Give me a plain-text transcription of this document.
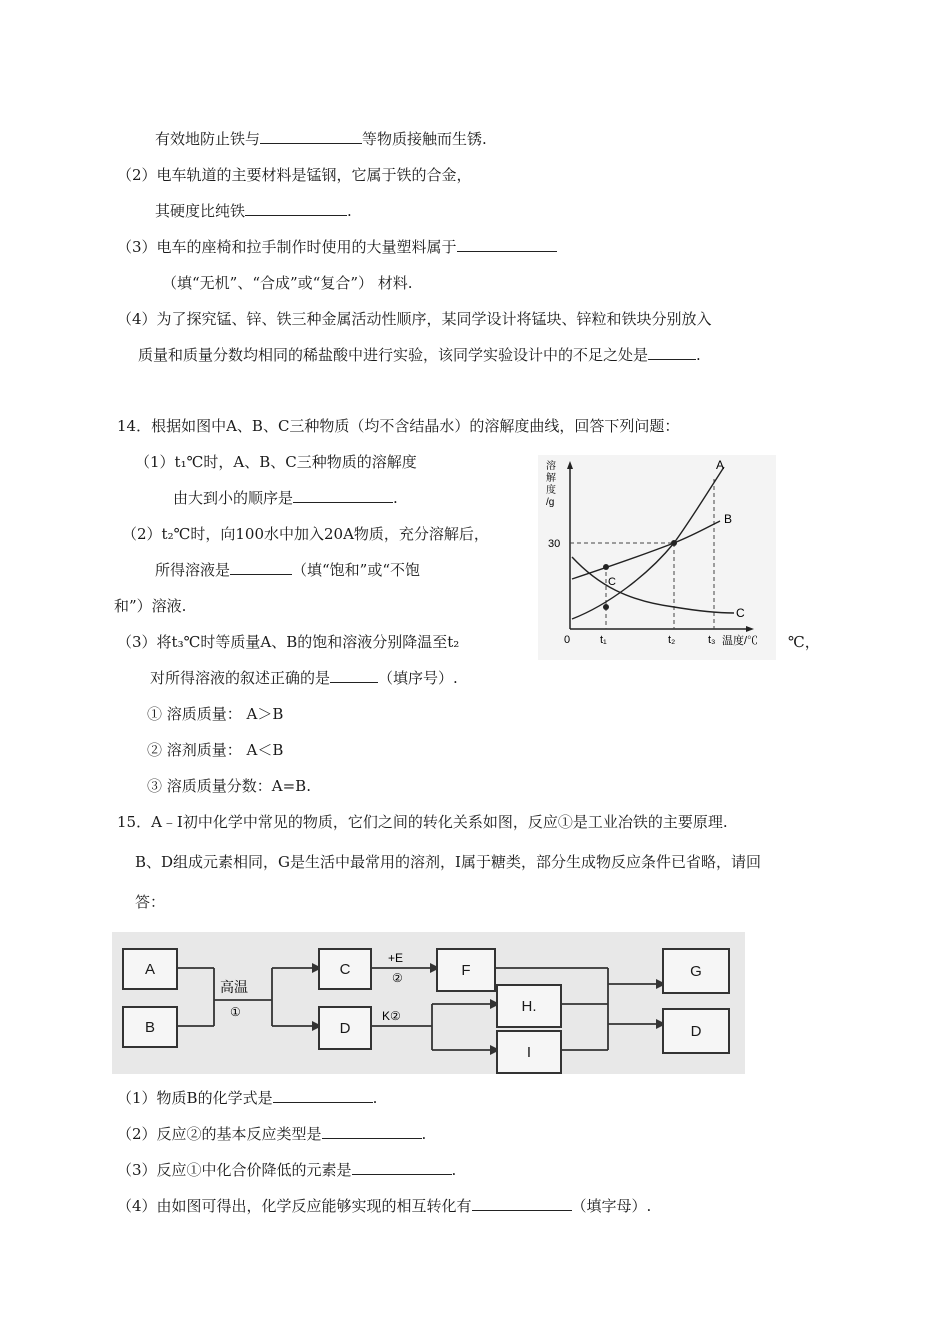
有效地防止铁与	等物质接触而生锈.
（2）电车轨道的主要材料是锰钢，它属于铁的合金，
其硬度比纯铁	.
（3）电车的座椅和拉手制作时使用的大量塑料属于
（填“无机”、“合成”或“复合”） 材料.
（4）为了探究锰、锌、铁三种金属活动性顺序，某同学设计将锰块、锌粒和铁块分别放入
质量和质量分数均相同的稀盐酸中进行实验，该同学实验设计中的不足之处是	.
14．根据如图中A、B、C三种物质（均不含结晶水）的溶解度曲线，回答下列问题：
（1）t₁℃时，A、B、C三种物质的溶解度
由大到小的顺序是	.
（2）t₂℃时，向100水中加入20A物质，充分溶解后，
所得溶液是	（填“饱和”或“不饱
和”）溶液.
（3）将t₃℃时等质量A、B的饱和溶液分别降温至t₂	℃，
对所得溶液的叙述正确的是	（填序号）.
① 溶质质量： A＞B
② 溶剂质量： A＜B
③ 溶质质量分数：A=B.
15．A﹣I初中化学中常见的物质，它们之间的转化关系如图，反应①是工业冶铁的主要原理.
B、D组成元素相同，G是生活中最常用的溶剂，I属于糖类，部分生成物反应条件已省略，请回
答：
（1）物质B的化学式是	.
（2）反应②的基本反应类型是	.
（3）反应①中化合价降低的元素是	.
（4）由如图可得出，化学反应能够实现的相互转化有	（填字母）.
溶解度/g
30
0	t₁	t₂	t₃ 温度/℃
A
B
C
C
高温
①
+E
②
K②
A
B
C
D
F
H.
I
G
D
